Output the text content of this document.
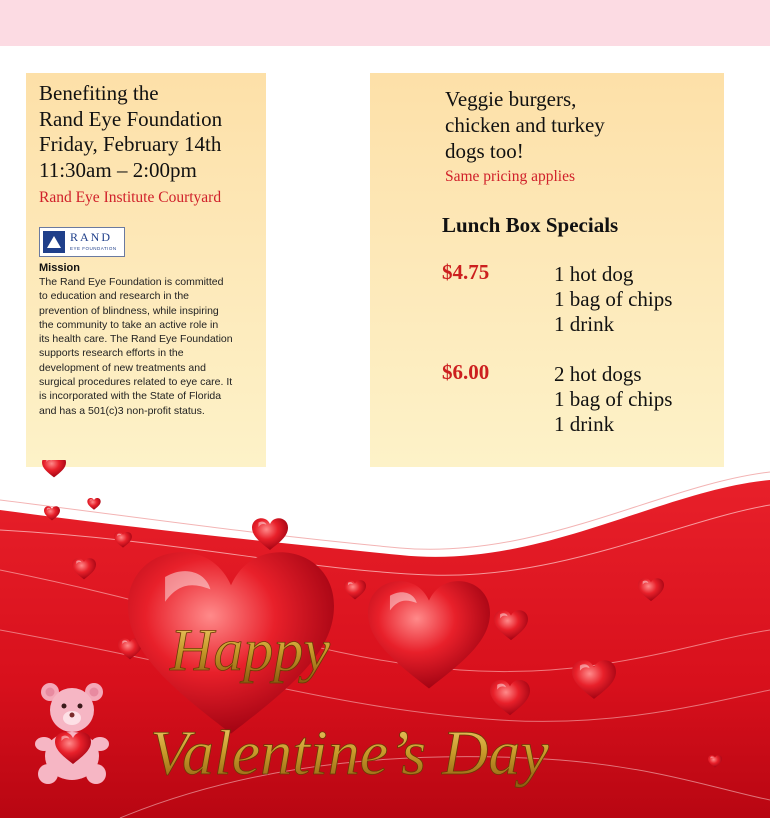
Benefiting the
Rand Eye Foundation
Friday, February 14th
11:30am – 2:00pm
Rand Eye Institute Courtyard
RAND
EYE FOUNDATION
Mission
The Rand Eye Foundation is committed
to education and research in the
prevention of blindness, while inspiring
the community to take an active role in
its health care. The Rand Eye Foundation
supports research efforts in the
development of new treatments and
surgical procedures related to eye care. It
is incorporated with the State of Florida
and has a 501(c)3 non-profit status.
Veggie burgers,
chicken and turkey
dogs too!
Same pricing applies
Lunch Box Specials
$4.75	1 hot dog
1 bag of chips
1 drink
$6.00	2 hot dogs
1 bag of chips
1 drink
Happy
Valentine’s Day
